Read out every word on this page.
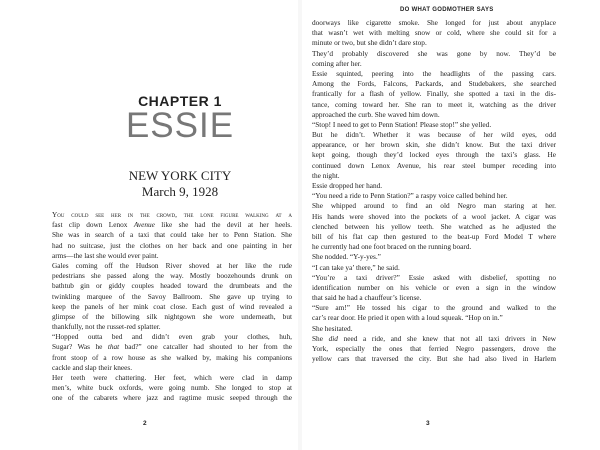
CHAPTER 1
ESSIE
NEW YORK CITY
March 9, 1928
You could see her in the crowd, the lone figure walking at a
fast clip down Lenox Avenue like she had the devil at her heels.
She was in search of a taxi that could take her to Penn Station. She
had no suitcase, just the clothes on her back and one painting in her
arms—the last she would ever paint.
Gales coming off the Hudson River shoved at her like the rude
pedestrians she passed along the way. Mostly boozehounds drunk on
bathtub gin or giddy couples headed toward the drumbeats and the
twinkling marquee of the Savoy Ballroom. She gave up trying to
keep the panels of her mink coat close. Each gust of wind revealed a
glimpse of the billowing silk nightgown she wore underneath, but
thankfully, not the russet-red splatter.
“Hopped outta bed and didn’t even grab your clothes, huh,
Sugar? Was he that bad?” one catcaller had shouted to her from the
front stoop of a row house as she walked by, making his companions
cackle and slap their knees.
Her teeth were chattering. Her feet, which were clad in damp
men’s, white buck oxfords, were going numb. She longed to stop at
one of the cabarets where jazz and ragtime music seeped through the
2
DO WHAT GODMOTHER SAYS
doorways like cigarette smoke. She longed for just about anyplace
that wasn’t wet with melting snow or cold, where she could sit for a
minute or two, but she didn’t dare stop.
They’d probably discovered she was gone by now. They’d be
coming after her.
Essie squinted, peering into the headlights of the passing cars.
Among the Fords, Falcons, Packards, and Studebakers, she searched
frantically for a flash of yellow. Finally, she spotted a taxi in the dis-
tance, coming toward her. She ran to meet it, watching as the driver
approached the curb. She waved him down.
“Stop! I need to get to Penn Station! Please stop!” she yelled.
But he didn’t. Whether it was because of her wild eyes, odd
appearance, or her brown skin, she didn’t know. But the taxi driver
kept going, though they’d locked eyes through the taxi’s glass. He
continued down Lenox Avenue, his rear steel bumper receding into
the night.
Essie dropped her hand.
“You need a ride to Penn Station?” a raspy voice called behind her.
She whipped around to find an old Negro man staring at her.
His hands were shoved into the pockets of a wool jacket. A cigar was
clenched between his yellow teeth. She watched as he adjusted the
bill of his flat cap then gestured to the beat-up Ford Model T where
he currently had one foot braced on the running board.
She nodded. “Y-y-yes.”
“I can take ya’ there,” he said.
“You’re a taxi driver?” Essie asked with disbelief, spotting no
identification number on his vehicle or even a sign in the window
that said he had a chauffeur’s license.
“Sure am!” He tossed his cigar to the ground and walked to the
car’s rear door. He pried it open with a loud squeak. “Hop on in.”
She hesitated.
She did need a ride, and she knew that not all taxi drivers in New
York, especially the ones that ferried Negro passengers, drove the
yellow cars that traversed the city. But she had also lived in Harlem
3
